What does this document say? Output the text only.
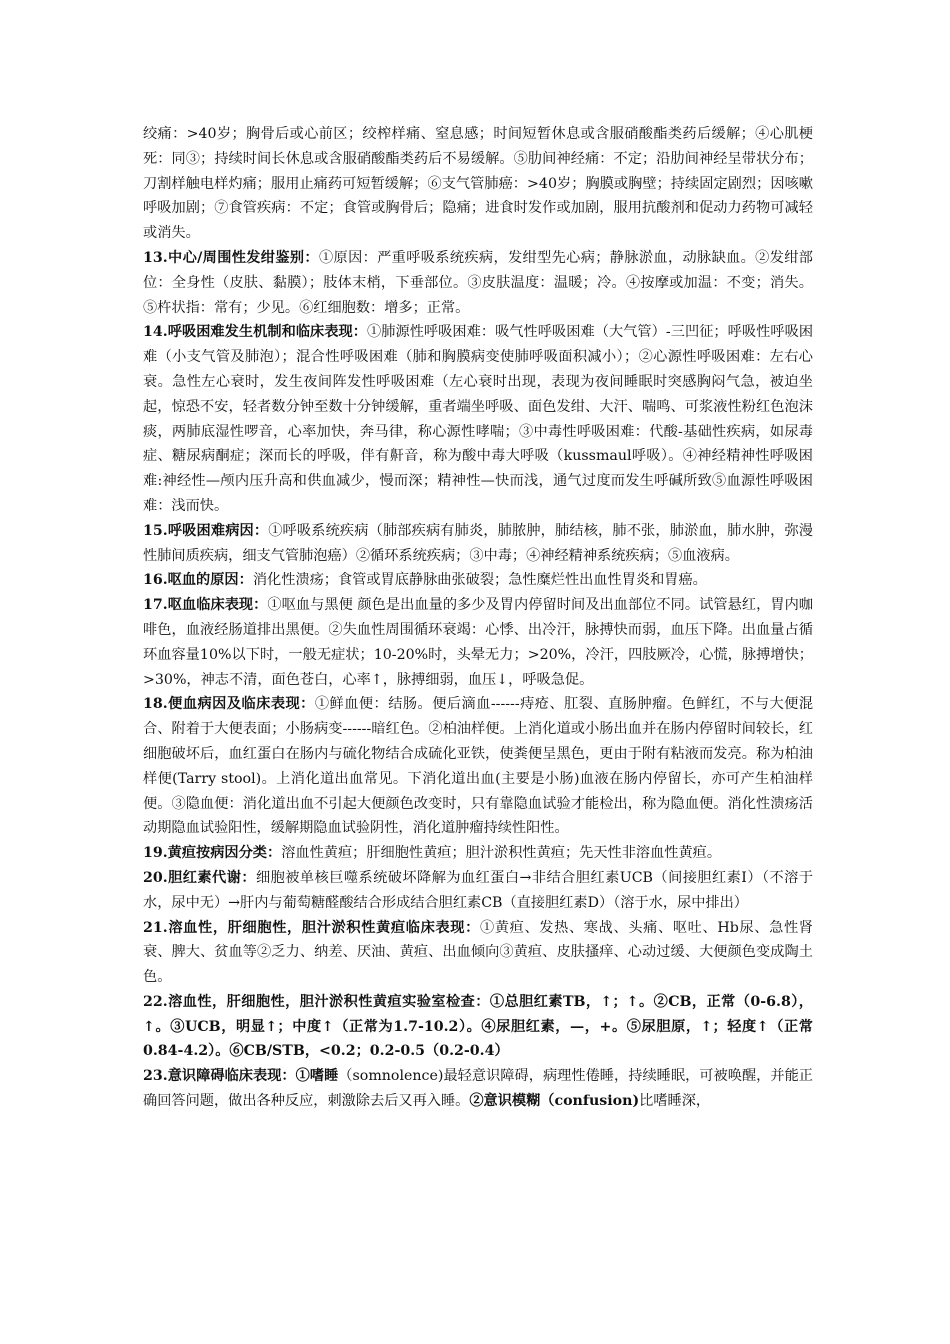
绞痛：>40岁；胸骨后或心前区；绞榨样痛、窒息感；时间短暂休息或含服硝酸酯类药后缓解；④心肌梗死：同③；持续时间长休息或含服硝酸酯类药后不易缓解。⑤肋间神经痛：不定；沿肋间神经呈带状分布；刀割样触电样灼痛；服用止痛药可短暂缓解；⑥支气管肺癌：>40岁；胸膜或胸壁；持续固定剧烈；因咳嗽呼吸加剧；⑦食管疾病：不定；食管或胸骨后；隐痛；进食时发作或加剧，服用抗酸剂和促动力药物可减轻或消失。

13.中心/周围性发绀鉴别：①原因：严重呼吸系统疾病，发绀型先心病；静脉淤血，动脉缺血。②发绀部位：全身性（皮肤、黏膜）；肢体末梢，下垂部位。③皮肤温度：温暖；冷。④按摩或加温：不变；消失。⑤杵状指：常有；少见。⑥红细胞数：增多；正常。

14.呼吸困难发生机制和临床表现：①肺源性呼吸困难：吸气性呼吸困难（大气管）-三凹征；呼吸性呼吸困难（小支气管及肺泡）；混合性呼吸困难（肺和胸膜病变使肺呼吸面积减小）；②心源性呼吸困难：左右心衰。急性左心衰时，发生夜间阵发性呼吸困难（左心衰时出现，表现为夜间睡眠时突感胸闷气急，被迫坐起，惊恐不安，轻者数分钟至数十分钟缓解，重者端坐呼吸、面色发绀、大汗、喘鸣、可浆液性粉红色泡沫痰，两肺底湿性啰音，心率加快，奔马律，称心源性哮喘；③中毒性呼吸困难：代酸-基础性疾病，如尿毒症、糖尿病酮症；深而长的呼吸，伴有鼾音，称为酸中毒大呼吸（kussmaul呼吸）。④神经精神性呼吸困难:神经性—颅内压升高和供血减少，慢而深；精神性—快而浅，通气过度而发生呼碱所致⑤血源性呼吸困难：浅而快。

15.呼吸困难病因：①呼吸系统疾病（肺部疾病有肺炎，肺脓肿，肺结核，肺不张，肺淤血，肺水肿，弥漫性肺间质疾病，细支气管肺泡癌）②循环系统疾病；③中毒；④神经精神系统疾病；⑤血液病。

16.呕血的原因：消化性溃疡；食管或胃底静脉曲张破裂；急性糜烂性出血性胃炎和胃癌。

17.呕血临床表现：①呕血与黑便 颜色是出血量的多少及胃内停留时间及出血部位不同。试管悬红，胃内咖啡色，血液经肠道排出黑便。②失血性周围循环衰竭：心悸、出冷汗，脉搏快而弱，血压下降。出血量占循环血容量10%以下时，一般无症状；10-20%时，头晕无力；>20%，冷汗，四肢厥冷，心慌，脉搏增快；>30%，神志不清，面色苍白，心率↑，脉搏细弱，血压↓，呼吸急促。

18.便血病因及临床表现：①鲜血便：结肠。便后滴血------痔疮、肛裂、直肠肿瘤。色鲜红，不与大便混合、附着于大便表面；小肠病变------暗红色。②柏油样便。上消化道或小肠出血并在肠内停留时间较长，红细胞破坏后，血红蛋白在肠内与硫化物结合成硫化亚铁，使粪便呈黑色，更由于附有粘液而发亮。称为柏油样便(Tarry stool)。上消化道出血常见。下消化道出血(主要是小肠)血液在肠内停留长，亦可产生柏油样便。③隐血便：消化道出血不引起大便颜色改变时，只有靠隐血试验才能检出，称为隐血便。消化性溃疡活动期隐血试验阳性，缓解期隐血试验阴性，消化道肿瘤持续性阳性。

19.黄疸按病因分类：溶血性黄疸；肝细胞性黄疸；胆汁淤积性黄疸；先天性非溶血性黄疸。

20.胆红素代谢：细胞被单核巨噬系统破坏降解为血红蛋白→非结合胆红素UCB（间接胆红素I）（不溶于水，尿中无）→肝内与葡萄糖醛酸结合形成结合胆红素CB（直接胆红素D）（溶于水，尿中排出）

21.溶血性，肝细胞性，胆汁淤积性黄疸临床表现：①黄疸、发热、寒战、头痛、呕吐、Hb尿、急性肾衰、脾大、贫血等②乏力、纳差、厌油、黄疸、出血倾向③黄疸、皮肤搔痒、心动过缓、大便颜色变成陶土色。

22.溶血性，肝细胞性，胆汁淤积性黄疸实验室检查：①总胆红素TB，↑；↑。②CB，正常（0-6.8），↑。③UCB，明显↑；中度↑（正常为1.7-10.2）。④尿胆红素，—，+。⑤尿胆原，↑；轻度↑（正常0.84-4.2）。⑥CB/STB，<0.2；0.2-0.5（0.2-0.4）

23.意识障碍临床表现：①嗜睡（somnolence)最轻意识障碍，病理性倦睡，持续睡眠，可被唤醒，并能正确回答问题，做出各种反应，刺激除去后又再入睡。②意识模糊（confusion)比嗜睡深，
